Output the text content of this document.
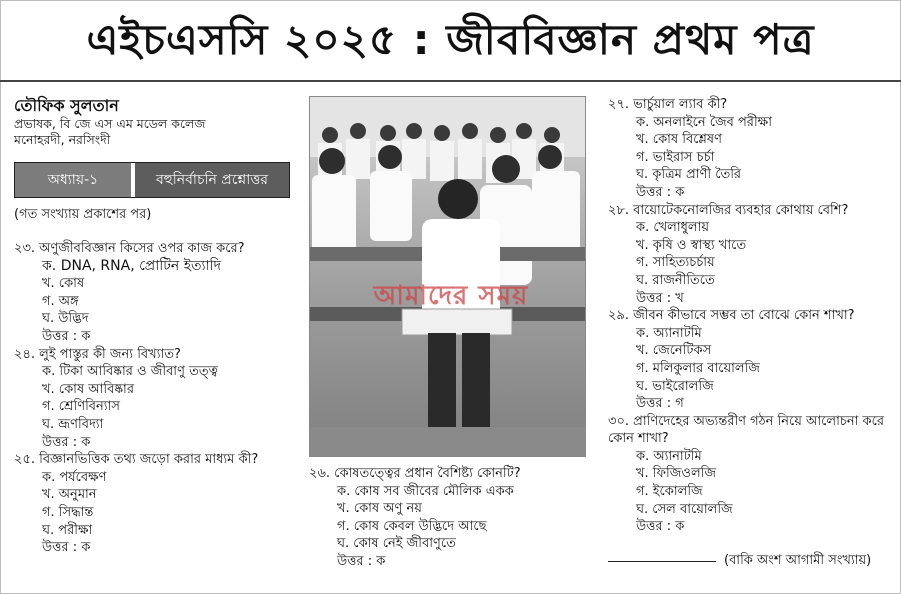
এইচএসসি ২০২৫ : জীববিজ্ঞান প্রথম পত্র
তৌফিক সুলতান
প্রভাষক, বি জে এস এম মডেল কলেজ
মনোহরদী, নরসিংদী
অধ্যায়-১	বহুনির্বাচনি প্রশ্নোত্তর
(গত সংখ্যায় প্রকাশের পর)
২৩. অণুজীববিজ্ঞান কিসের ওপর কাজ করে?
ক. DNA, RNA, প্রোটিন ইত্যাদি
খ. কোষ
গ. অঙ্গ
ঘ. উদ্ভিদ
উত্তর : ক
২৪. লুই পাস্তুর কী জন্য বিখ্যাত?
ক. টিকা আবিষ্কার ও জীবাণু তত্ত্ব
খ. কোষ আবিষ্কার
গ. শ্রেণিবিন্যাস
ঘ. ভ্রূণবিদ্যা
উত্তর : ক
২৫. বিজ্ঞানভিত্তিক তথ্য জড়ো করার মাধ্যম কী?
ক. পর্যবেক্ষণ
খ. অনুমান
গ. সিদ্ধান্ত
ঘ. পরীক্ষা
উত্তর : ক
আমাদের সময়
২৬. কোষতত্ত্বের প্রধান বৈশিষ্ট্য কোনটি?
ক. কোষ সব জীবের মৌলিক একক
খ. কোষ অণু নয়
গ. কোষ কেবল উদ্ভিদে আছে
ঘ. কোষ নেই জীবাণুতে
উত্তর : ক
২৭. ভার্চুয়াল ল্যাব কী?
ক. অনলাইনে জৈব পরীক্ষা
খ. কোষ বিশ্লেষণ
গ. ভাইরাস চর্চা
ঘ. কৃত্রিম প্রাণী তৈরি
উত্তর : ক
২৮. বায়োটেকনোলজির ব্যবহার কোথায় বেশি?
ক. খেলাধুলায়
খ. কৃষি ও স্বাস্থ্য খাতে
গ. সাহিত্যচর্চায়
ঘ. রাজনীতিতে
উত্তর : খ
২৯. জীবন কীভাবে সম্ভব তা বোঝে কোন শাখা?
ক. অ্যানাটমি
খ. জেনেটিকস
গ. মলিকুলার বায়োলজি
ঘ. ভাইরোলজি
উত্তর : গ
৩০. প্রাণিদেহের অভ্যন্তরীণ গঠন নিয়ে আলোচনা করে কোন শাখা?
ক. অ্যানাটমি
খ. ফিজিওলজি
গ. ইকোলজি
ঘ. সেল বায়োলজি
উত্তর : ক
(বাকি অংশ আগামী সংখ্যায়)
